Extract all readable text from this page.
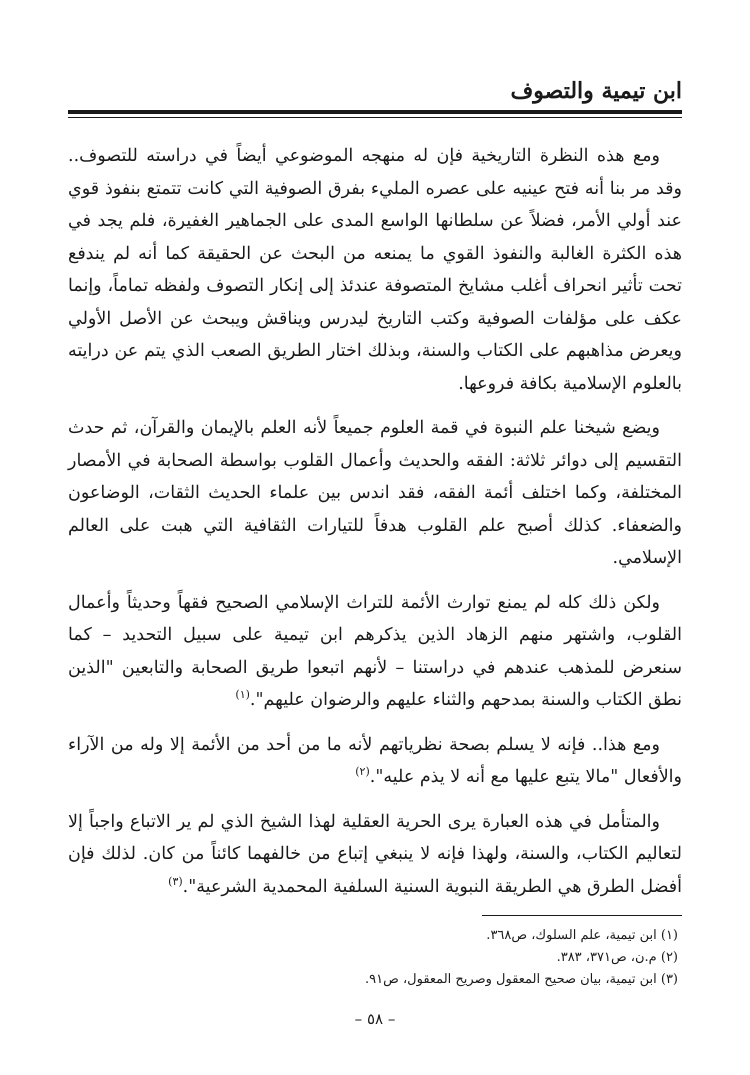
ابن تيمية والتصوف

ومع هذه النظرة التاريخية فإن له منهجه الموضوعي أيضاً في دراسته للتصوف.. وقد مر بنا أنه فتح عينيه على عصره المليء بفرق الصوفية التي كانت تتمتع بنفوذ قوي عند أولي الأمر، فضلاً عن سلطانها الواسع المدى على الجماهير الغفيرة، فلم يجد في هذه الكثرة الغالبة والنفوذ القوي ما يمنعه من البحث عن الحقيقة كما أنه لم يندفع تحت تأثير انحراف أغلب مشايخ المتصوفة عندئذ إلى إنكار التصوف ولفظه تماماً، وإنما عكف على مؤلفات الصوفية وكتب التاريخ ليدرس ويناقش ويبحث عن الأصل الأولي ويعرض مذاهبهم على الكتاب والسنة، وبذلك اختار الطريق الصعب الذي يتم عن درايته بالعلوم الإسلامية بكافة فروعها.

ويضع شيخنا علم النبوة في قمة العلوم جميعاً لأنه العلم بالإيمان والقرآن، ثم حدث التقسيم إلى دوائر ثلاثة: الفقه والحديث وأعمال القلوب بواسطة الصحابة في الأمصار المختلفة، وكما اختلف أئمة الفقه، فقد اندس بين علماء الحديث الثقات، الوضاعون والضعفاء. كذلك أصبح علم القلوب هدفاً للتيارات الثقافية التي هبت على العالم الإسلامي.

ولكن ذلك كله لم يمنع توارث الأئمة للتراث الإسلامي الصحيح فقهاً وحديثاً وأعمال القلوب، واشتهر منهم الزهاد الذين يذكرهم ابن تيمية على سبيل التحديد – كما سنعرض للمذهب عندهم في دراستنا – لأنهم اتبعوا طريق الصحابة والتابعين "الذين نطق الكتاب والسنة بمدحهم والثناء عليهم والرضوان عليهم".$^{(١)}$

ومع هذا.. فإنه لا يسلم بصحة نظرياتهم لأنه ما من أحد من الأئمة إلا وله من الآراء والأفعال "مالا يتبع عليها مع أنه لا يذم عليه".$^{(٢)}$

والمتأمل في هذه العبارة يرى الحرية العقلية لهذا الشيخ الذي لم ير الاتباع واجباً إلا لتعاليم الكتاب، والسنة، ولهذا فإنه لا ينبغي إتباع من خالفهما كائناً من كان. لذلك فإن أفضل الطرق هي الطريقة النبوية السنية السلفية المحمدية الشرعية".$^{(٣)}$

(١) ابن تيمية، علم السلوك، ص٣٦٨.
(٢) م.ن، ص٣٧١، ٣٨٣.
(٣) ابن تيمية، بيان صحيح المعقول وصريح المعقول، ص٩١.
– ٥٨ –
